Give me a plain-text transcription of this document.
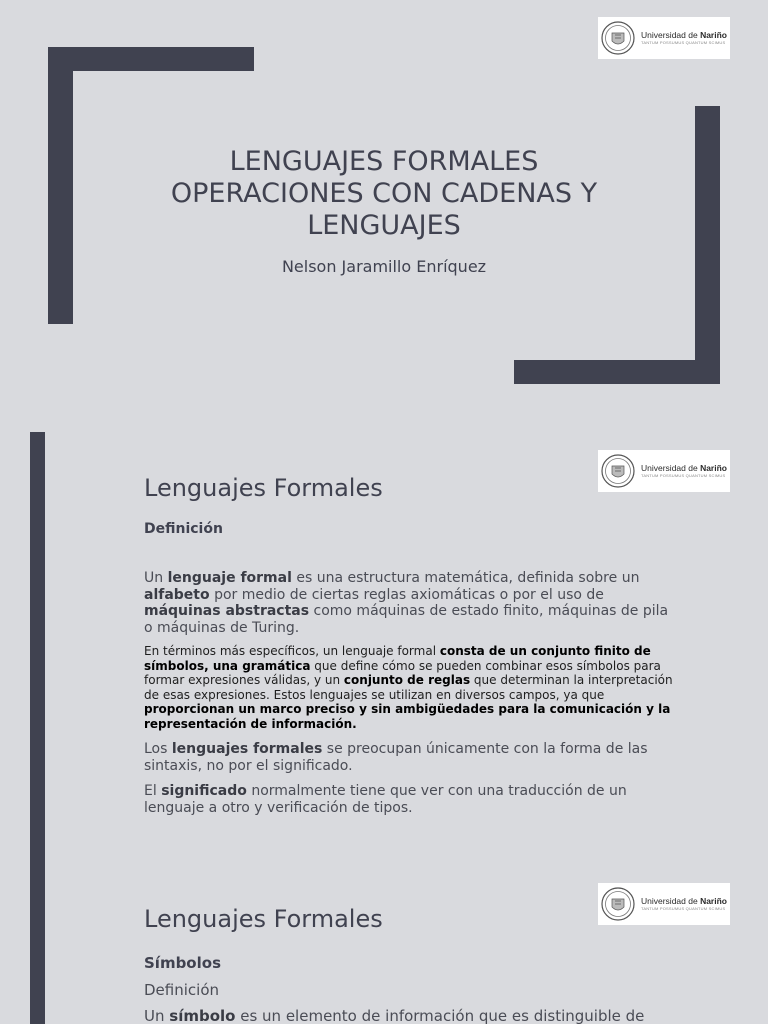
Universidad de Nariño
TANTUM POSSUMUS QUANTUM SCIMUS
LENGUAJES FORMALES
OPERACIONES CON CADENAS Y
LENGUAJES
Nelson Jaramillo Enríquez
Universidad de Nariño
TANTUM POSSUMUS QUANTUM SCIMUS
Lenguajes Formales
Definición
Un lenguaje formal es una estructura matemática, definida sobre un alfabeto por medio de ciertas reglas axiomáticas o por el uso de máquinas abstractas como máquinas de estado finito, máquinas de pila o máquinas de Turing.
En términos más específicos, un lenguaje formal consta de un conjunto finito de símbolos, una gramática que define cómo se pueden combinar esos símbolos para formar expresiones válidas, y un conjunto de reglas que determinan la interpretación de esas expresiones. Estos lenguajes se utilizan en diversos campos, ya que proporcionan un marco preciso y sin ambigüedades para la comunicación y la representación de información.
Los lenguajes formales se preocupan únicamente con la forma de las sintaxis, no por el significado.
El significado normalmente tiene que ver con una traducción de un lenguaje a otro y verificación de tipos.
Universidad de Nariño
TANTUM POSSUMUS QUANTUM SCIMUS
Lenguajes Formales
Símbolos
Definición
Un símbolo es un elemento de información que es distinguible de
